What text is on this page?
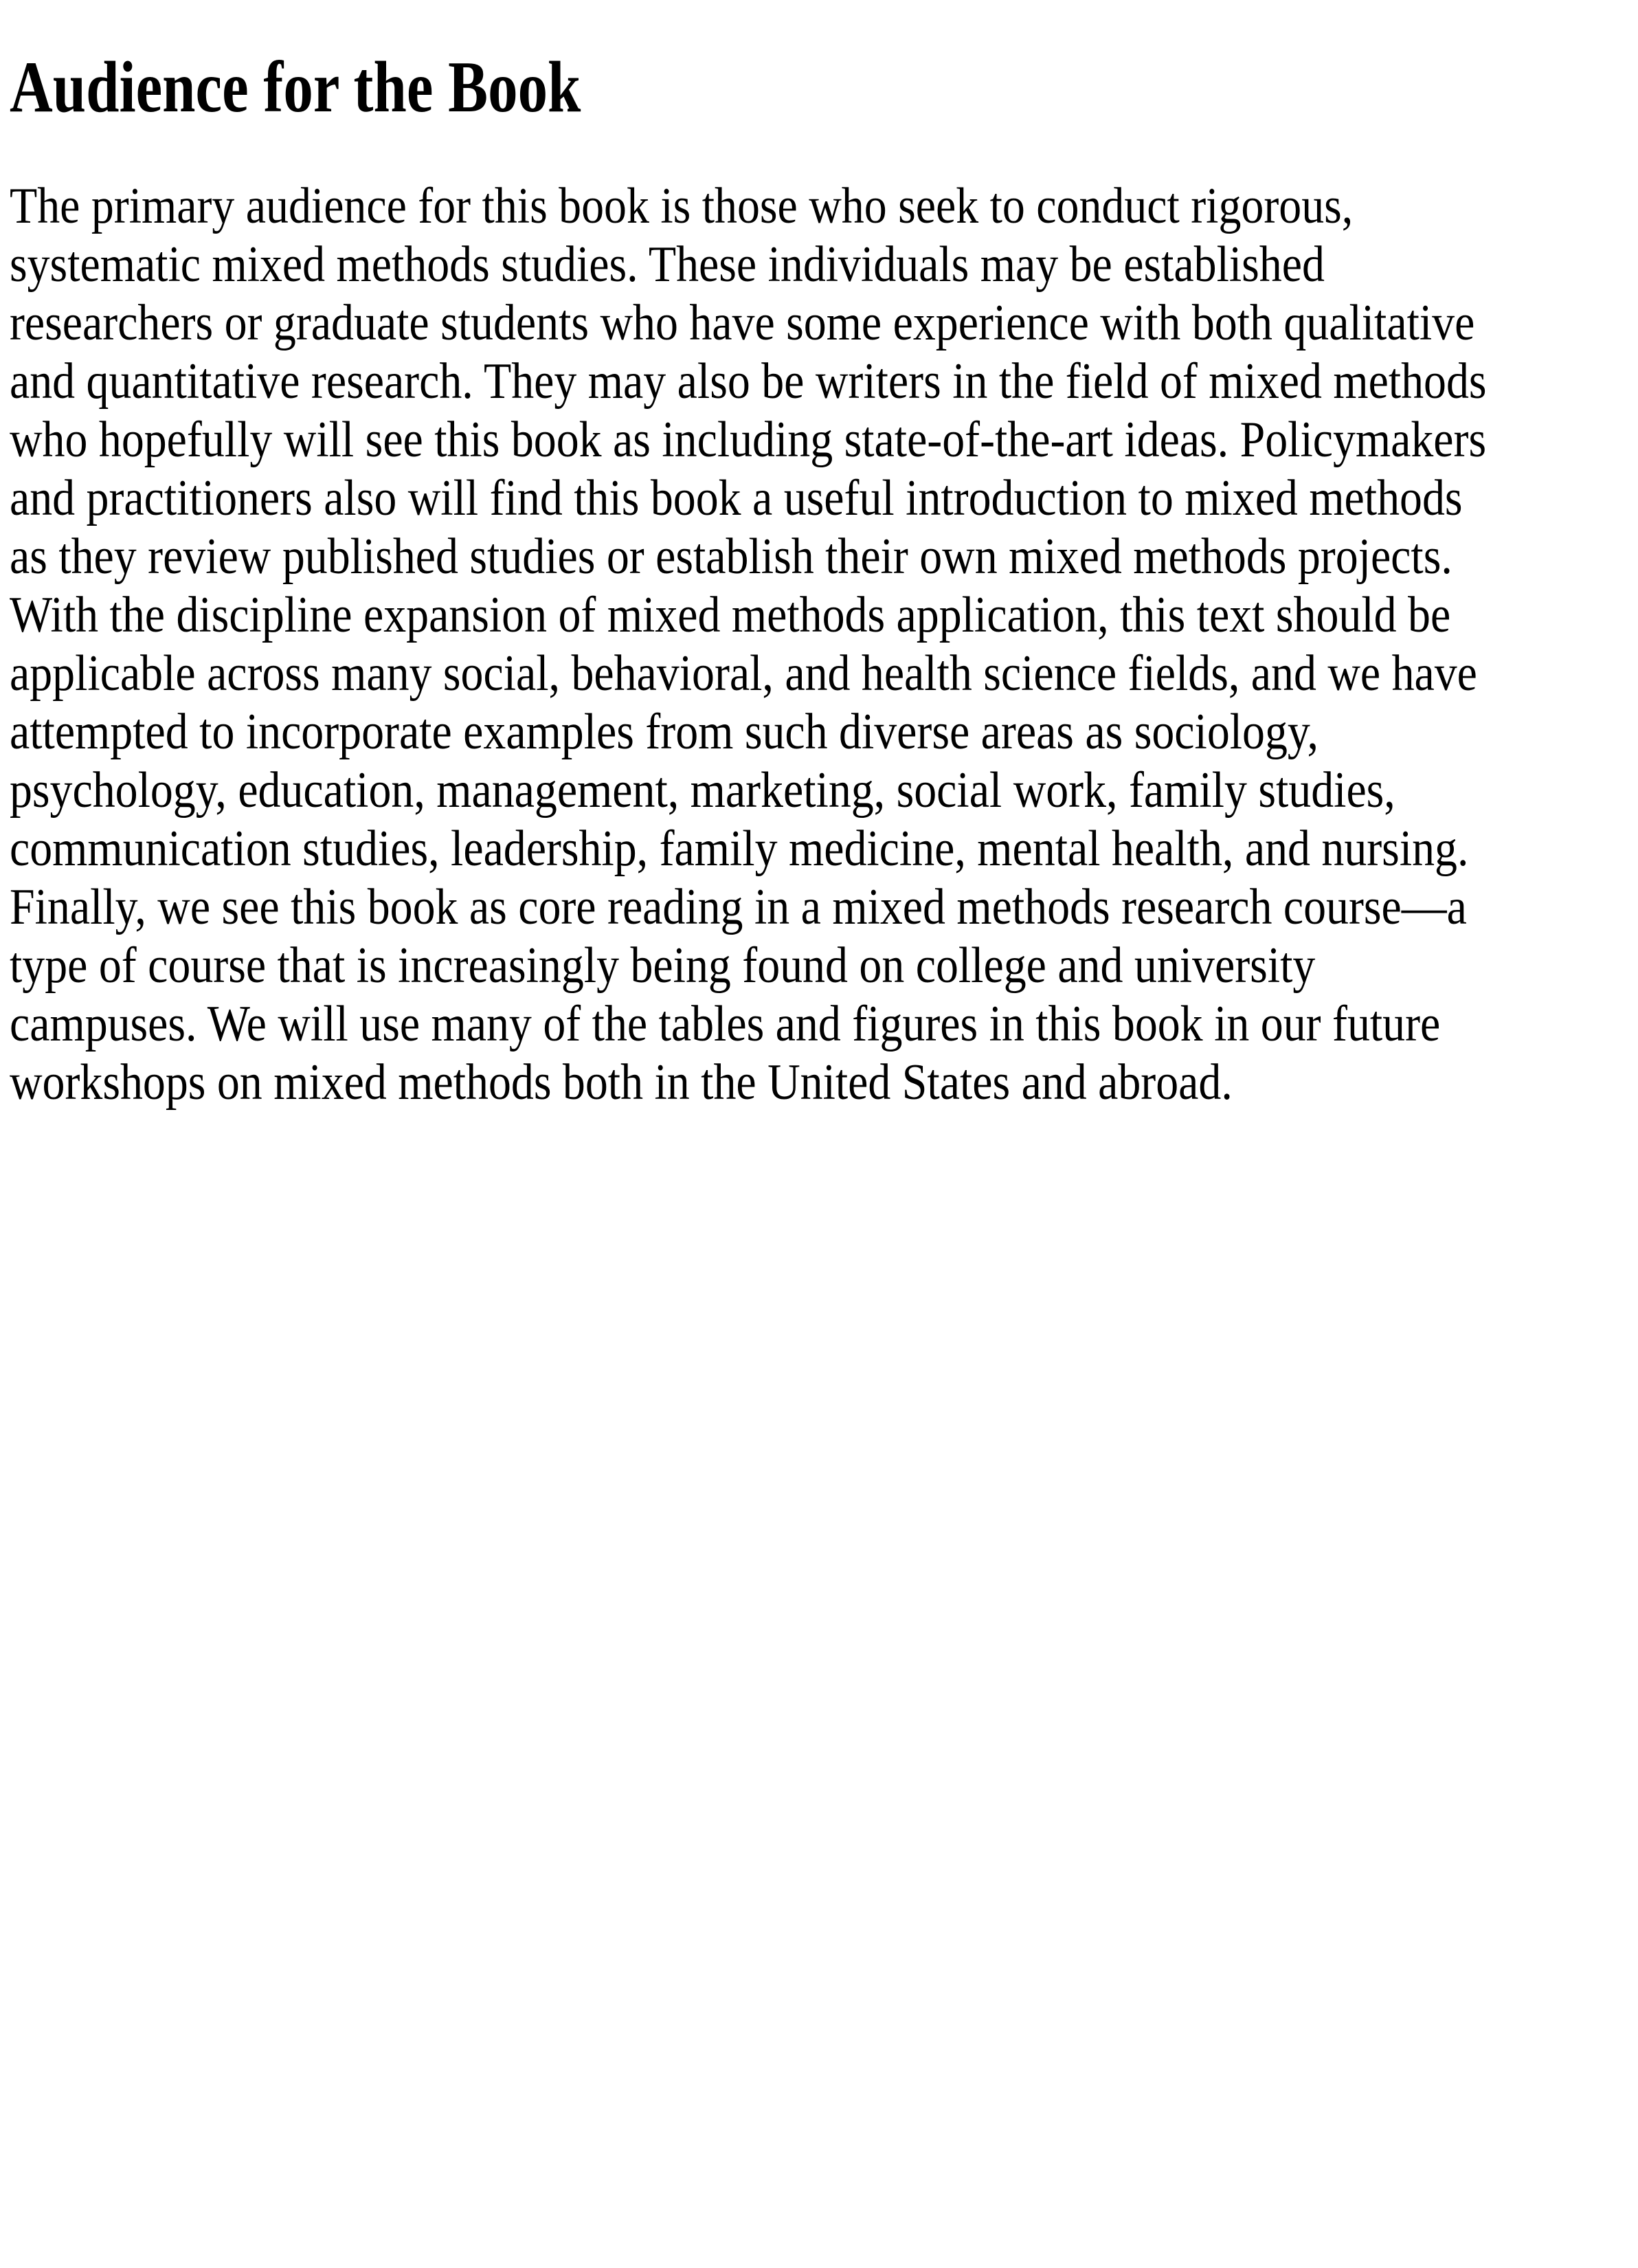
Audience for the Book
The primary audience for this book is those who seek to conduct rigorous,
systematic mixed methods studies. These individuals may be established
researchers or graduate students who have some experience with both qualitative
and quantitative research. They may also be writers in the field of mixed methods
who hopefully will see this book as including state-of-the-art ideas. Policymakers
and practitioners also will find this book a useful introduction to mixed methods
as they review published studies or establish their own mixed methods projects.
With the discipline expansion of mixed methods application, this text should be
applicable across many social, behavioral, and health science fields, and we have
attempted to incorporate examples from such diverse areas as sociology,
psychology, education, management, marketing, social work, family studies,
communication studies, leadership, family medicine, mental health, and nursing.
Finally, we see this book as core reading in a mixed methods research course—a
type of course that is increasingly being found on college and university
campuses. We will use many of the tables and figures in this book in our future
workshops on mixed methods both in the United States and abroad.
